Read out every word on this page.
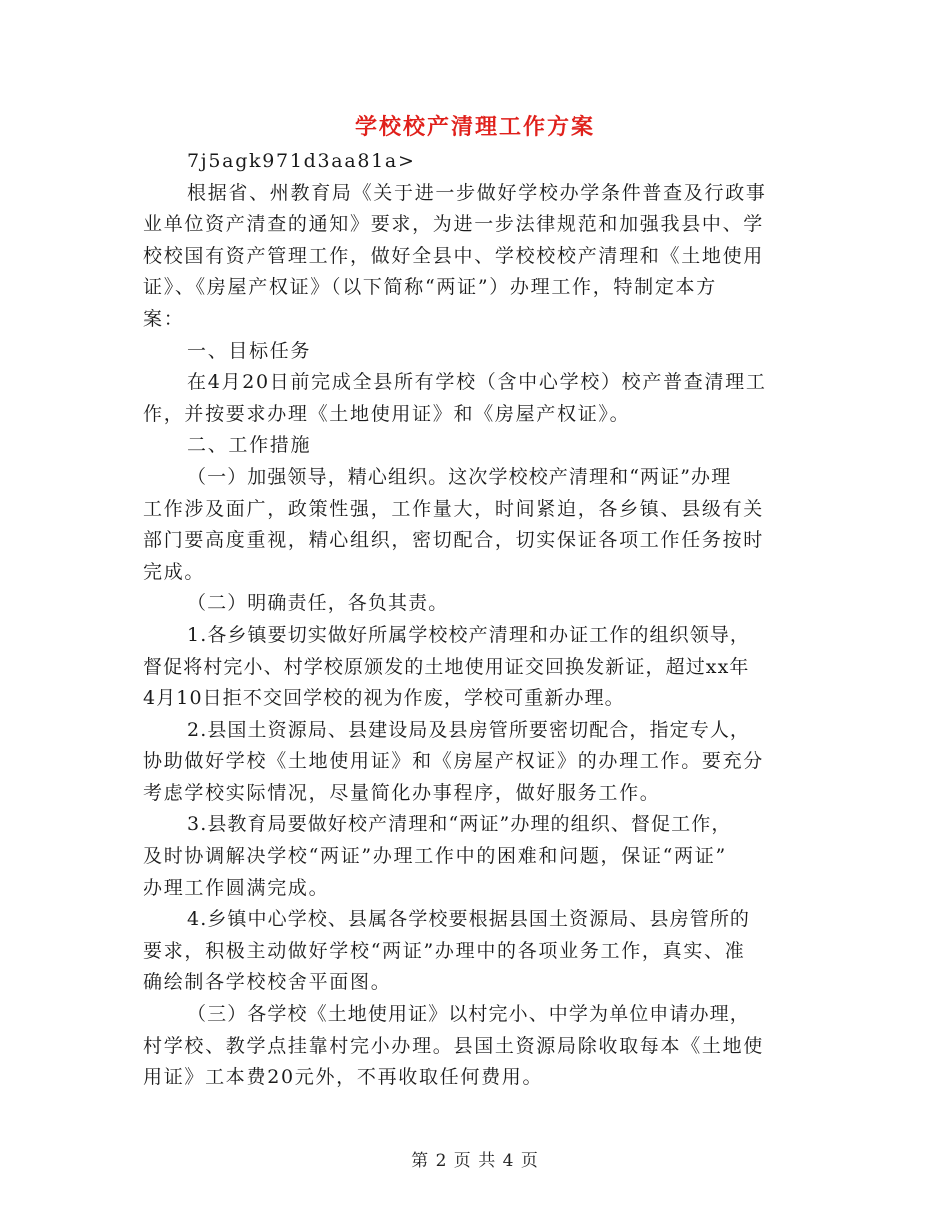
学校校产清理工作方案
7j5agk971d3aa81a>
根据省、州教育局《关于进一步做好学校办学条件普查及行政事
业单位资产清查的通知》要求，为进一步法律规范和加强我县中、学
校校国有资产管理工作，做好全县中、学校校校产清理和《土地使用
证》、《房屋产权证》（以下简称“两证”）办理工作，特制定本方
案：
一、目标任务
在4月20日前完成全县所有学校（含中心学校）校产普查清理工
作，并按要求办理《土地使用证》和《房屋产权证》。
二、工作措施
（一）加强领导，精心组织。这次学校校产清理和“两证”办理
工作涉及面广，政策性强，工作量大，时间紧迫，各乡镇、县级有关
部门要高度重视，精心组织，密切配合，切实保证各项工作任务按时
完成。
（二）明确责任，各负其责。
1.各乡镇要切实做好所属学校校产清理和办证工作的组织领导，
督促将村完小、村学校原颁发的土地使用证交回换发新证，超过xx年
4月10日拒不交回学校的视为作废，学校可重新办理。
2.县国土资源局、县建设局及县房管所要密切配合，指定专人，
协助做好学校《土地使用证》和《房屋产权证》的办理工作。要充分
考虑学校实际情况，尽量简化办事程序，做好服务工作。
3.县教育局要做好校产清理和“两证”办理的组织、督促工作，
及时协调解决学校“两证”办理工作中的困难和问题，保证“两证”
办理工作圆满完成。
4.乡镇中心学校、县属各学校要根据县国土资源局、县房管所的
要求，积极主动做好学校“两证”办理中的各项业务工作，真实、准
确绘制各学校校舍平面图。
（三）各学校《土地使用证》以村完小、中学为单位申请办理，
村学校、教学点挂靠村完小办理。县国土资源局除收取每本《土地使
用证》工本费20元外，不再收取任何费用。
第 2 页 共 4 页
